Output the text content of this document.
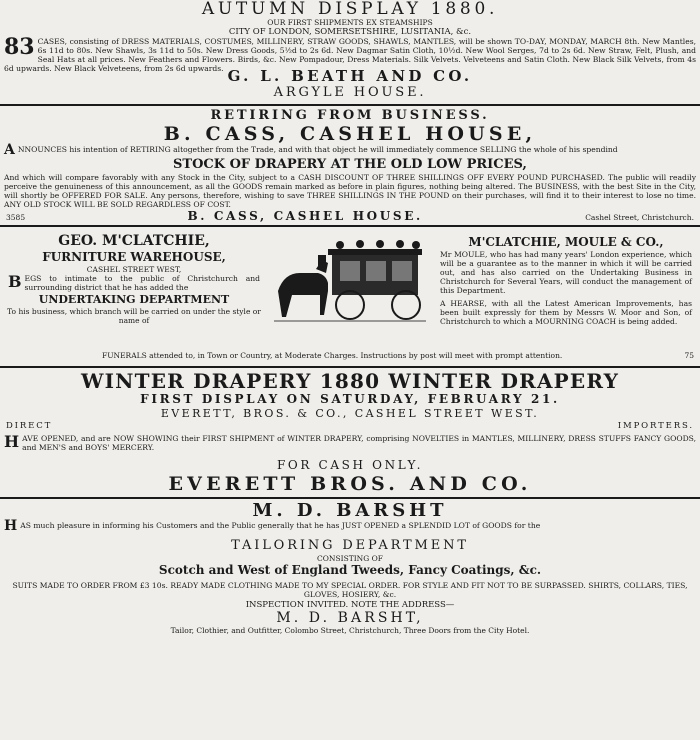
AUTUMN DISPLAY 1880.
OUR FIRST SHIPMENTS EX STEAMSHIPS
CITY OF LONDON, SOMERSETSHIRE, LUSITANIA, &c.
83 CASES, consisting of DRESS MATERIALS, COSTUMES, MILLINERY, STRAW GOODS, SHAWLS, MANTLES, will be shown TO-DAY, MONDAY, MARCH 8th. New Mantles, 6s 11d to 80s. New Shawls, 3s 11d to 50s. New Dress Goods, 5½d to 2s 6d. New Dagmar Satin Cloth, 10½d. New Wool Serges, 7d to 2s 6d. New Straw, Felt, Plush, and Seal Hats at all prices. New Feathers and Flowers. Birds, &c. New Pompadour, Dress Materials. Silk Velvets. Velveteens and Satin Cloth. New Black Silk Velvets, from 4s 6d upwards. New Black Velveteens, from 2s 6d upwards. G. L. BEATH AND CO.
ARGYLE HOUSE.
RETIRING FROM BUSINESS.
B. CASS, CASHEL HOUSE,
A NNOUNCES his intention of RETIRING altogether from the Trade, and with that object he will immediately commence SELLING the whole of his spendind
STOCK OF DRAPERY AT THE OLD LOW PRICES,
And which will compare favorably with any Stock in the City, subject to a CASH DISCOUNT OF THREE SHILLINGS OFF EVERY POUND PURCHASED. The public will readily perceive the genuineness of this announcement, as all the GOODS remain marked as before in plain figures, nothing being altered. The BUSINESS, with the best Site in the City, will shortly be OFFERED FOR SALE. Any persons, therefore, wishing to save THREE SHILLINGS IN THE POUND on their purchases, will find it to their interest to lose no time. ANY OLD STOCK WILL BE SOLD REGARDLESS OF COST.
3585	B. CASS, CASHEL HOUSE.	Cashel Street, Christchurch.
GEO. M'CLATCHIE,
FURNITURE WAREHOUSE,
CASHEL STREET WEST,
B EGS to intimate to the public of Christchurch and surrounding district that he has added the
UNDERTAKING DEPARTMENT
To his business, which branch will be carried on under the style or name of
M'CLATCHIE, MOULE & CO.,
Mr MOULE, who has had many years' London experience, which will be a guarantee as to the manner in which it will be carried out, and has also carried on the Undertaking Business in Christchurch for Several Years, will conduct the management of this Department.
A HEARSE, with all the Latest American Improvements, has been built expressly for them by Messrs W. Moor and Son, of Christchurch to which a MOURNING COACH is being added.
FUNERALS attended to, in Town or Country, at Moderate Charges. Instructions by post will meet with prompt attention.	75
WINTER DRAPERY 1880 WINTER DRAPERY
FIRST DISPLAY ON SATURDAY, FEBRUARY 21.
EVERETT, BROS. & CO., CASHEL STREET WEST.
DIRECT	IMPORTERS.
H AVE OPENED, and are NOW SHOWING their FIRST SHIPMENT of WINTER DRAPERY, comprising NOVELTIES in MANTLES, MILLINERY, DRESS STUFFS FANCY GOODS, and MEN'S and BOYS' MERCERY.
FOR CASH ONLY.
EVERETT BROS. AND CO.
M. D. BARSHT
H AS much pleasure in informing his Customers and the Public generally that he has JUST OPENED a SPLENDID LOT of GOODS for the
TAILORING DEPARTMENT
CONSISTING OF
Scotch and West of England Tweeds, Fancy Coatings, &c.
SUITS MADE TO ORDER FROM £3 10s. READY MADE CLOTHING MADE TO MY SPECIAL ORDER. FOR STYLE AND FIT NOT TO BE SURPASSED. SHIRTS, COLLARS, TIES, GLOVES, HOSIERY, &c.
INSPECTION INVITED. NOTE THE ADDRESS—
M. D. BARSHT,
Tailor, Clothier, and Outfitter, Colombo Street, Christchurch, Three Doors from the City Hotel.
